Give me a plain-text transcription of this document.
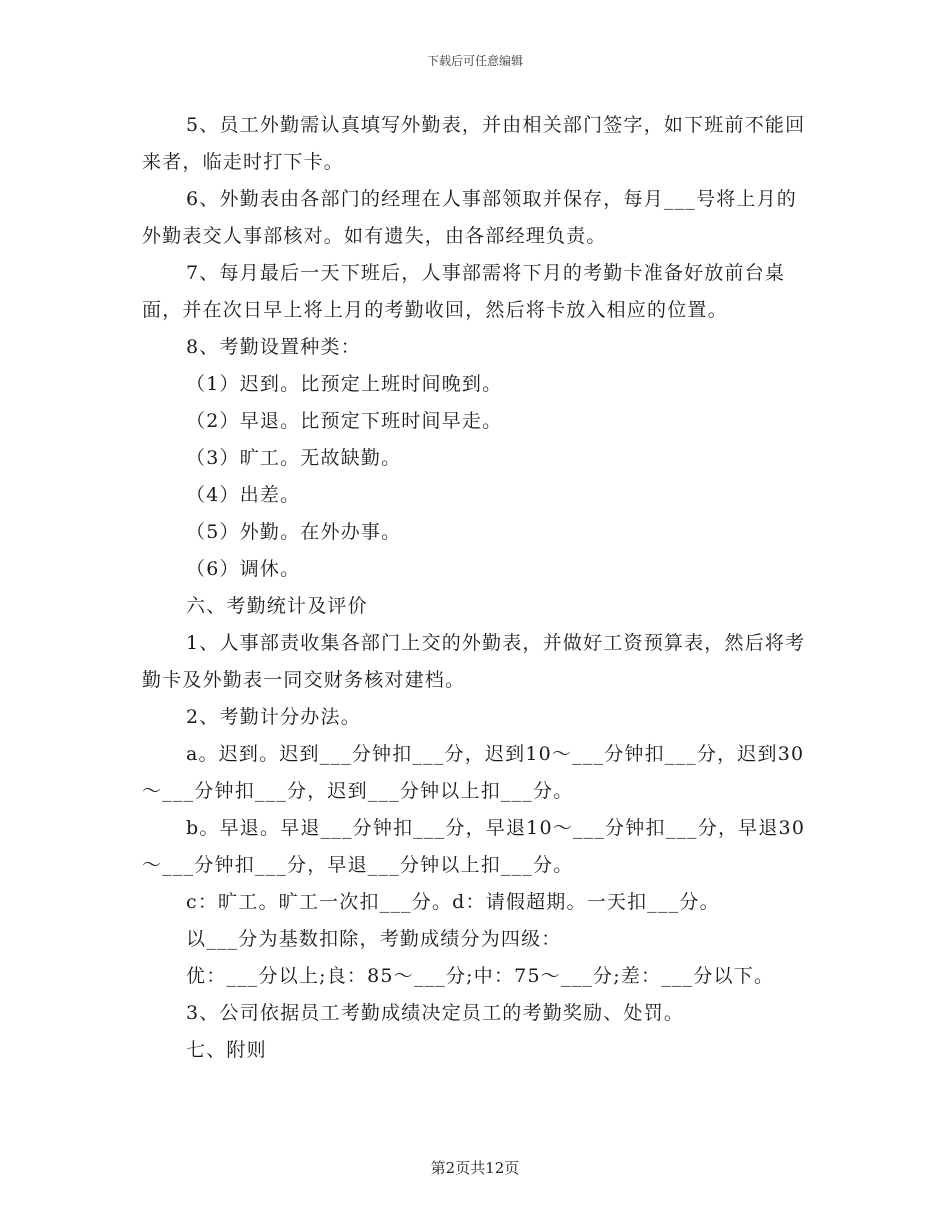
下载后可任意编辑

5、员工外勤需认真填写外勤表，并由相关部门签字，如下班前不能回来者，临走时打下卡。

6、外勤表由各部门的经理在人事部领取并保存，每月___号将上月的外勤表交人事部核对。如有遗失，由各部经理负责。

7、每月最后一天下班后，人事部需将下月的考勤卡准备好放前台桌面，并在次日早上将上月的考勤收回，然后将卡放入相应的位置。

8、考勤设置种类：

（1）迟到。比预定上班时间晚到。

（2）早退。比预定下班时间早走。

（3）旷工。无故缺勤。

（4）出差。

（5）外勤。在外办事。

（6）调休。

六、考勤统计及评价

1、人事部责收集各部门上交的外勤表，并做好工资预算表，然后将考勤卡及外勤表一同交财务核对建档。

2、考勤计分办法。

a。迟到。迟到___分钟扣___分，迟到10～___分钟扣___分，迟到30～___分钟扣___分，迟到___分钟以上扣___分。

b。早退。早退___分钟扣___分，早退10～___分钟扣___分，早退30～___分钟扣___分，早退___分钟以上扣___分。

c：旷工。旷工一次扣___分。d：请假超期。一天扣___分。

以___分为基数扣除，考勤成绩分为四级：

优：___分以上;良：85～___分;中：75～___分;差：___分以下。

3、公司依据员工考勤成绩决定员工的考勤奖励、处罚。

七、附则

第2页共12页
